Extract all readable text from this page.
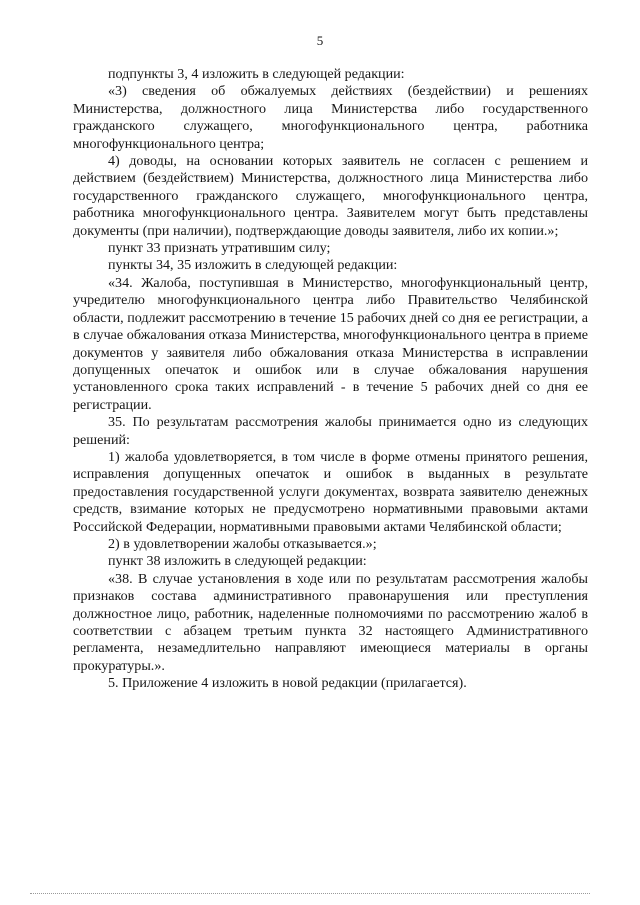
5

подпункты 3, 4 изложить в следующей редакции:

«3) сведения об обжалуемых действиях (бездействии) и решениях Министерства, должностного лица Министерства либо государственного гражданского служащего, многофункционального центра, работника многофункционального центра;

4) доводы, на основании которых заявитель не согласен с решением и действием (бездействием) Министерства, должностного лица Министерства либо государственного гражданского служащего, многофункционального центра, работника многофункционального центра. Заявителем могут быть представлены документы (при наличии), подтверждающие доводы заявителя, либо их копии.»;

пункт 33 признать утратившим силу;

пункты 34, 35 изложить в следующей редакции:

«34. Жалоба, поступившая в Министерство, многофункциональный центр, учредителю многофункционального центра либо Правительство Челябинской области, подлежит рассмотрению в течение 15 рабочих дней со дня ее регистрации, а в случае обжалования отказа Министерства, многофункционального центра в приеме документов у заявителя либо обжалования отказа Министерства в исправлении допущенных опечаток и ошибок или в случае обжалования нарушения установленного срока таких исправлений - в течение 5 рабочих дней со дня ее регистрации.

35. По результатам рассмотрения жалобы принимается одно из следующих решений:

1) жалоба удовлетворяется, в том числе в форме отмены принятого решения, исправления допущенных опечаток и ошибок в выданных в результате предоставления государственной услуги документах, возврата заявителю денежных средств, взимание которых не предусмотрено нормативными правовыми актами Российской Федерации, нормативными правовыми актами Челябинской области;

2) в удовлетворении жалобы отказывается.»;

пункт 38 изложить в следующей редакции:

«38. В случае установления в ходе или по результатам рассмотрения жалобы признаков состава административного правонарушения или преступления должностное лицо, работник, наделенные полномочиями по рассмотрению жалоб в соответствии с абзацем третьим пункта 32 настоящего Административного регламента, незамедлительно направляют имеющиеся материалы в органы прокуратуры.».

5. Приложение 4 изложить в новой редакции (прилагается).
